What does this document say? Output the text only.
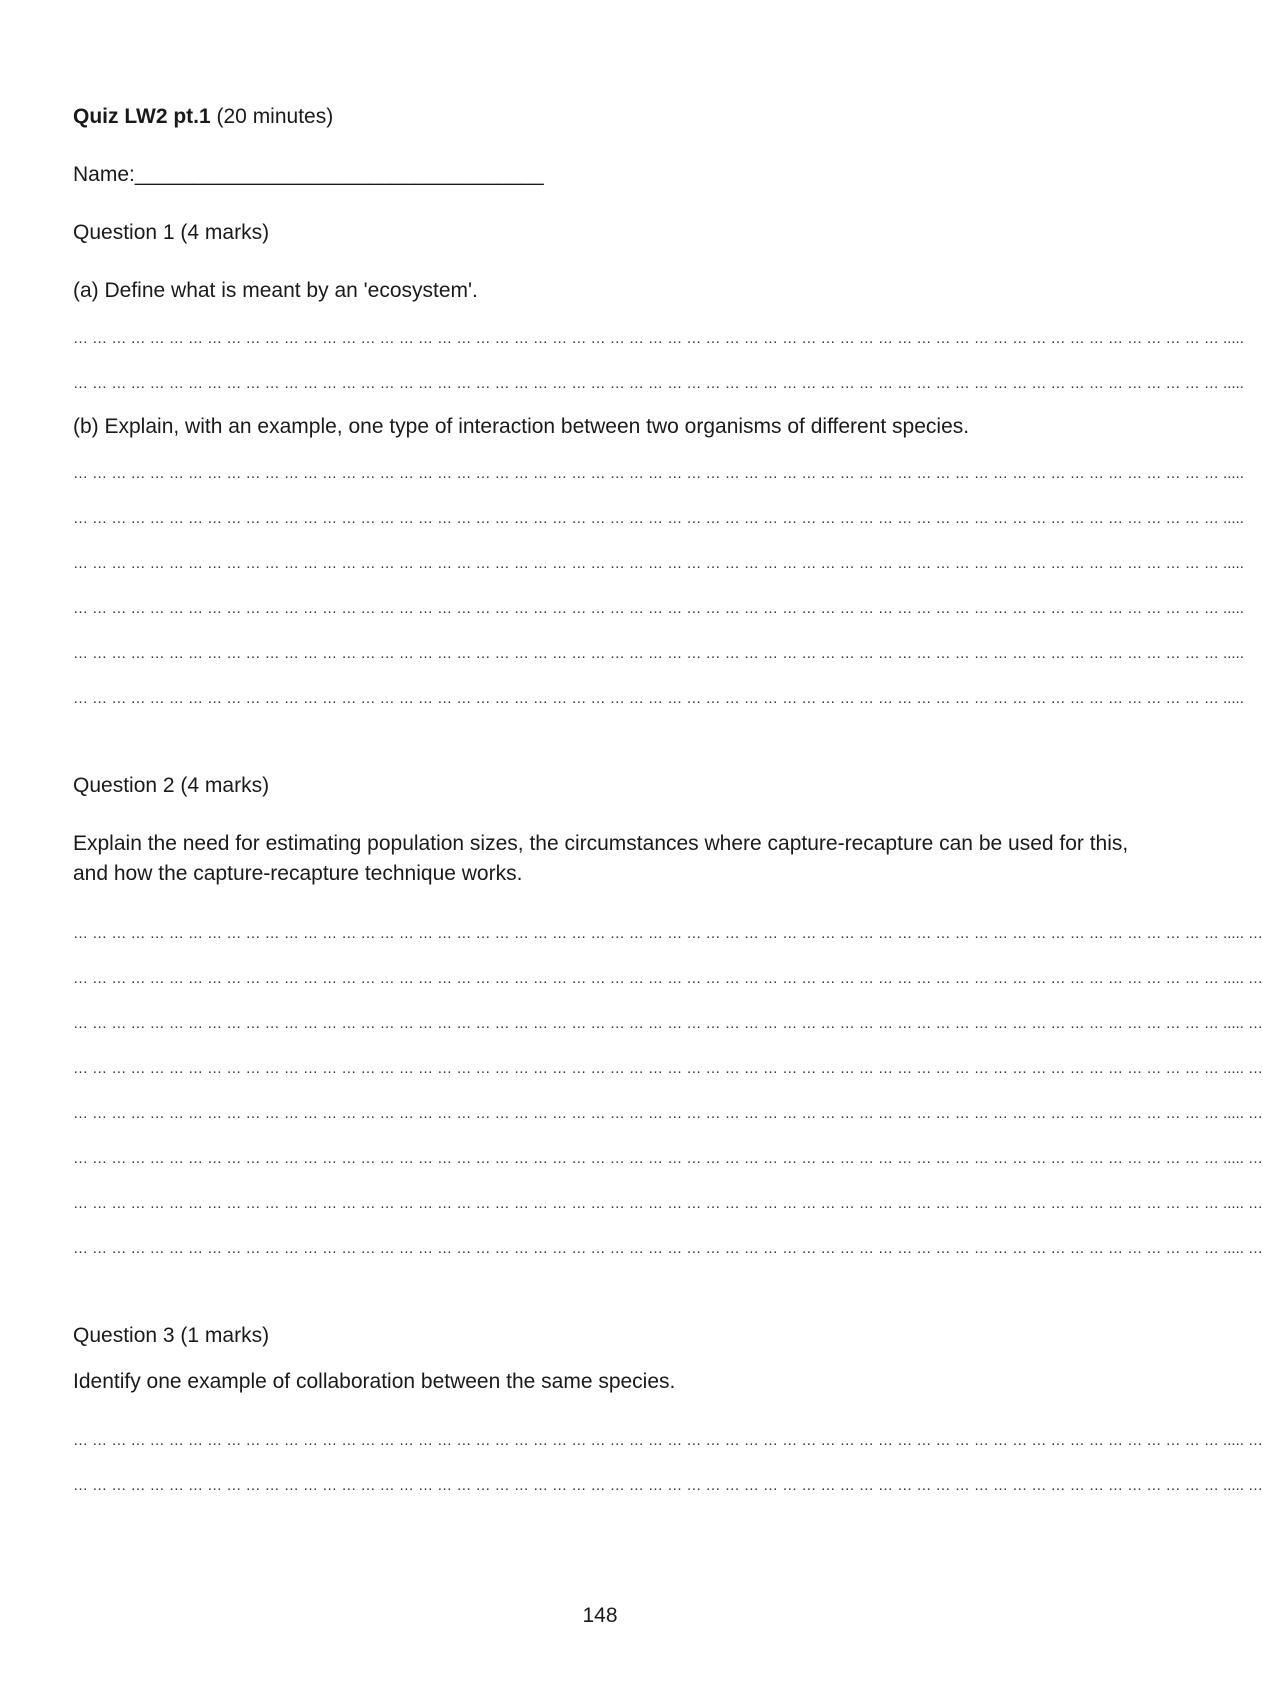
Quiz LW2 pt.1 (20 minutes)
Name:___________________________________
Question 1 (4 marks)
(a) Define what is meant by an 'ecosystem'.
… … … … … … … … … … … … … … … … … … … … … … … … … … … … … … … … … … … … … … … … … … … … … … … … … … … … … … … … … … … … .....
… … … … … … … … … … … … … … … … … … … … … … … … … … … … … … … … … … … … … … … … … … … … … … … … … … … … … … … … … … … … .....
(b) Explain, with an example, one type of interaction between two organisms of different species.
… … … … … … … … … … … … … … … … … … … … … … … … … … … … … … … … … … … … … … … … … … … … … … … … … … … … … … … … … … … … .....
… … … … … … … … … … … … … … … … … … … … … … … … … … … … … … … … … … … … … … … … … … … … … … … … … … … … … … … … … … … … .....
… … … … … … … … … … … … … … … … … … … … … … … … … … … … … … … … … … … … … … … … … … … … … … … … … … … … … … … … … … … … .....
… … … … … … … … … … … … … … … … … … … … … … … … … … … … … … … … … … … … … … … … … … … … … … … … … … … … … … … … … … … … .....
… … … … … … … … … … … … … … … … … … … … … … … … … … … … … … … … … … … … … … … … … … … … … … … … … … … … … … … … … … … … .....
… … … … … … … … … … … … … … … … … … … … … … … … … … … … … … … … … … … … … … … … … … … … … … … … … … … … … … … … … … … … .....
Question 2 (4 marks)
Explain the need for estimating population sizes, the circumstances where capture-recapture can be used for this, and how the capture-recapture technique works.
… … … … … … … … … … … … … … … … … … … … … … … … … … … … … … … … … … … … … … … … … … … … … … … … … … … … … … … … … … … … ..... …
… … … … … … … … … … … … … … … … … … … … … … … … … … … … … … … … … … … … … … … … … … … … … … … … … … … … … … … … … … … … ..... …
… … … … … … … … … … … … … … … … … … … … … … … … … … … … … … … … … … … … … … … … … … … … … … … … … … … … … … … … … … … … ..... …
… … … … … … … … … … … … … … … … … … … … … … … … … … … … … … … … … … … … … … … … … … … … … … … … … … … … … … … … … … … … ..... …
… … … … … … … … … … … … … … … … … … … … … … … … … … … … … … … … … … … … … … … … … … … … … … … … … … … … … … … … … … … … ..... …
… … … … … … … … … … … … … … … … … … … … … … … … … … … … … … … … … … … … … … … … … … … … … … … … … … … … … … … … … … … … ..... …
… … … … … … … … … … … … … … … … … … … … … … … … … … … … … … … … … … … … … … … … … … … … … … … … … … … … … … … … … … … … ..... …
… … … … … … … … … … … … … … … … … … … … … … … … … … … … … … … … … … … … … … … … … … … … … … … … … … … … … … … … … … … … ..... …
Question 3 (1 marks)
Identify one example of collaboration between the same species.
… … … … … … … … … … … … … … … … … … … … … … … … … … … … … … … … … … … … … … … … … … … … … … … … … … … … … … … … … … … … ..... …
… … … … … … … … … … … … … … … … … … … … … … … … … … … … … … … … … … … … … … … … … … … … … … … … … … … … … … … … … … … … ..... …
148
